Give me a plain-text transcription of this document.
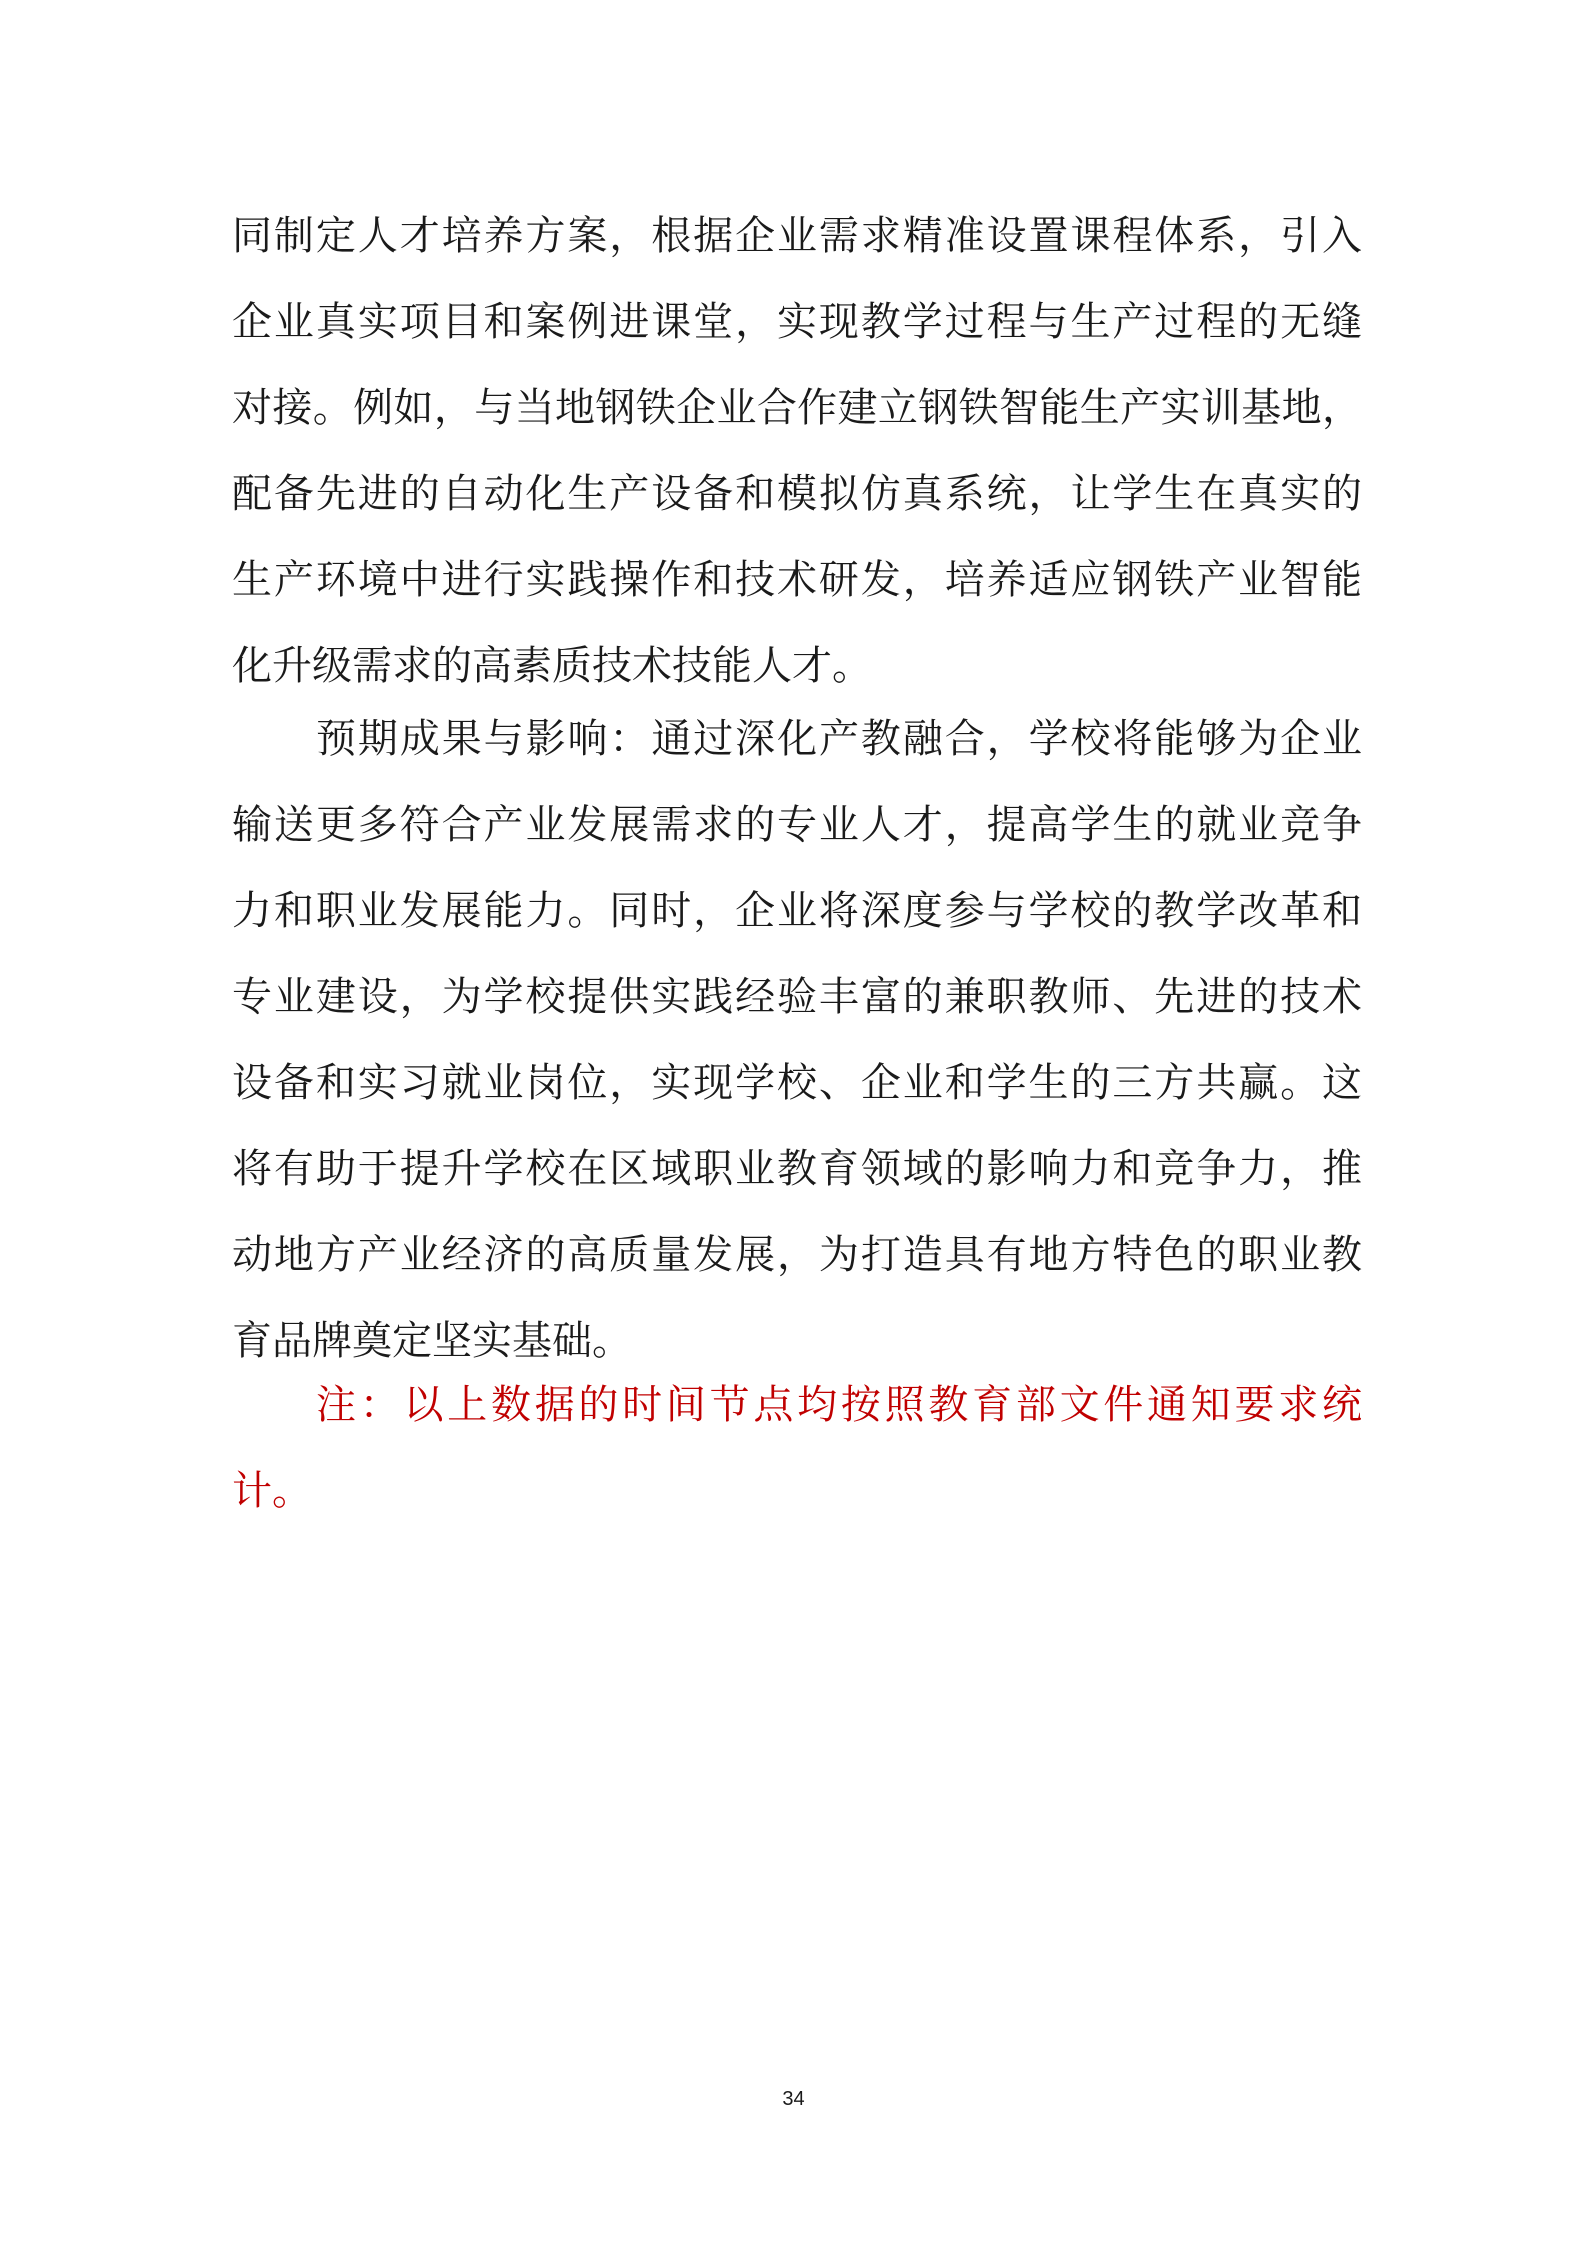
同制定人才培养方案，根据企业需求精准设置课程体系，引入
企业真实项目和案例进课堂，实现教学过程与生产过程的无缝
对接。例如，与当地钢铁企业合作建立钢铁智能生产实训基地，
配备先进的自动化生产设备和模拟仿真系统，让学生在真实的
生产环境中进行实践操作和技术研发，培养适应钢铁产业智能
化升级需求的高素质技术技能人才。
预期成果与影响：通过深化产教融合，学校将能够为企业
输送更多符合产业发展需求的专业人才，提高学生的就业竞争
力和职业发展能力。同时，企业将深度参与学校的教学改革和
专业建设，为学校提供实践经验丰富的兼职教师、先进的技术
设备和实习就业岗位，实现学校、企业和学生的三方共赢。这
将有助于提升学校在区域职业教育领域的影响力和竞争力，推
动地方产业经济的高质量发展，为打造具有地方特色的职业教
育品牌奠定坚实基础。
注：以上数据的时间节点均按照教育部文件通知要求统
计。
34
